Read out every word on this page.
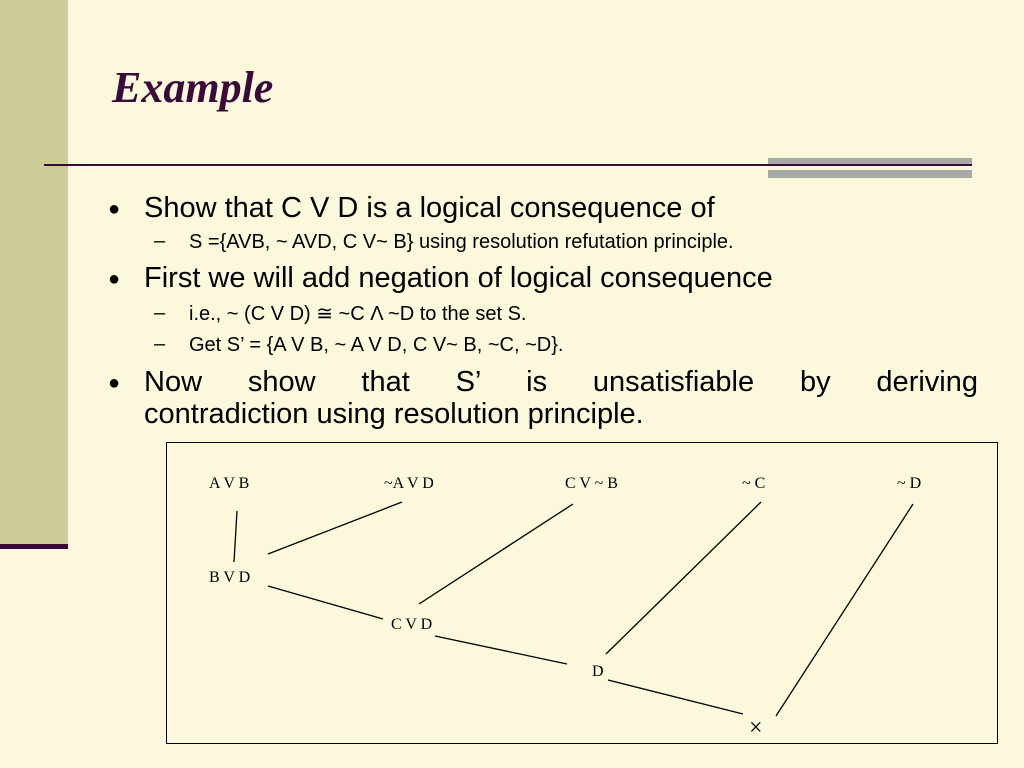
Example
● Show that C V D is a logical consequence of
– S ={AVB, ~ AVD, C V~ B} using resolution refutation principle.
● First we will add negation of logical consequence
– i.e., ~ (C V D) ≅ ~C Λ ~D to the set S.
– Get S’ = {A V B, ~ A V D, C V~ B, ~C, ~D}.
● Now show that S’ is unsatisfiable by deriving
contradiction using resolution principle.
A V B	~A V D	C V ~ B	~ C	~ D
B V D
C V D
D
×
